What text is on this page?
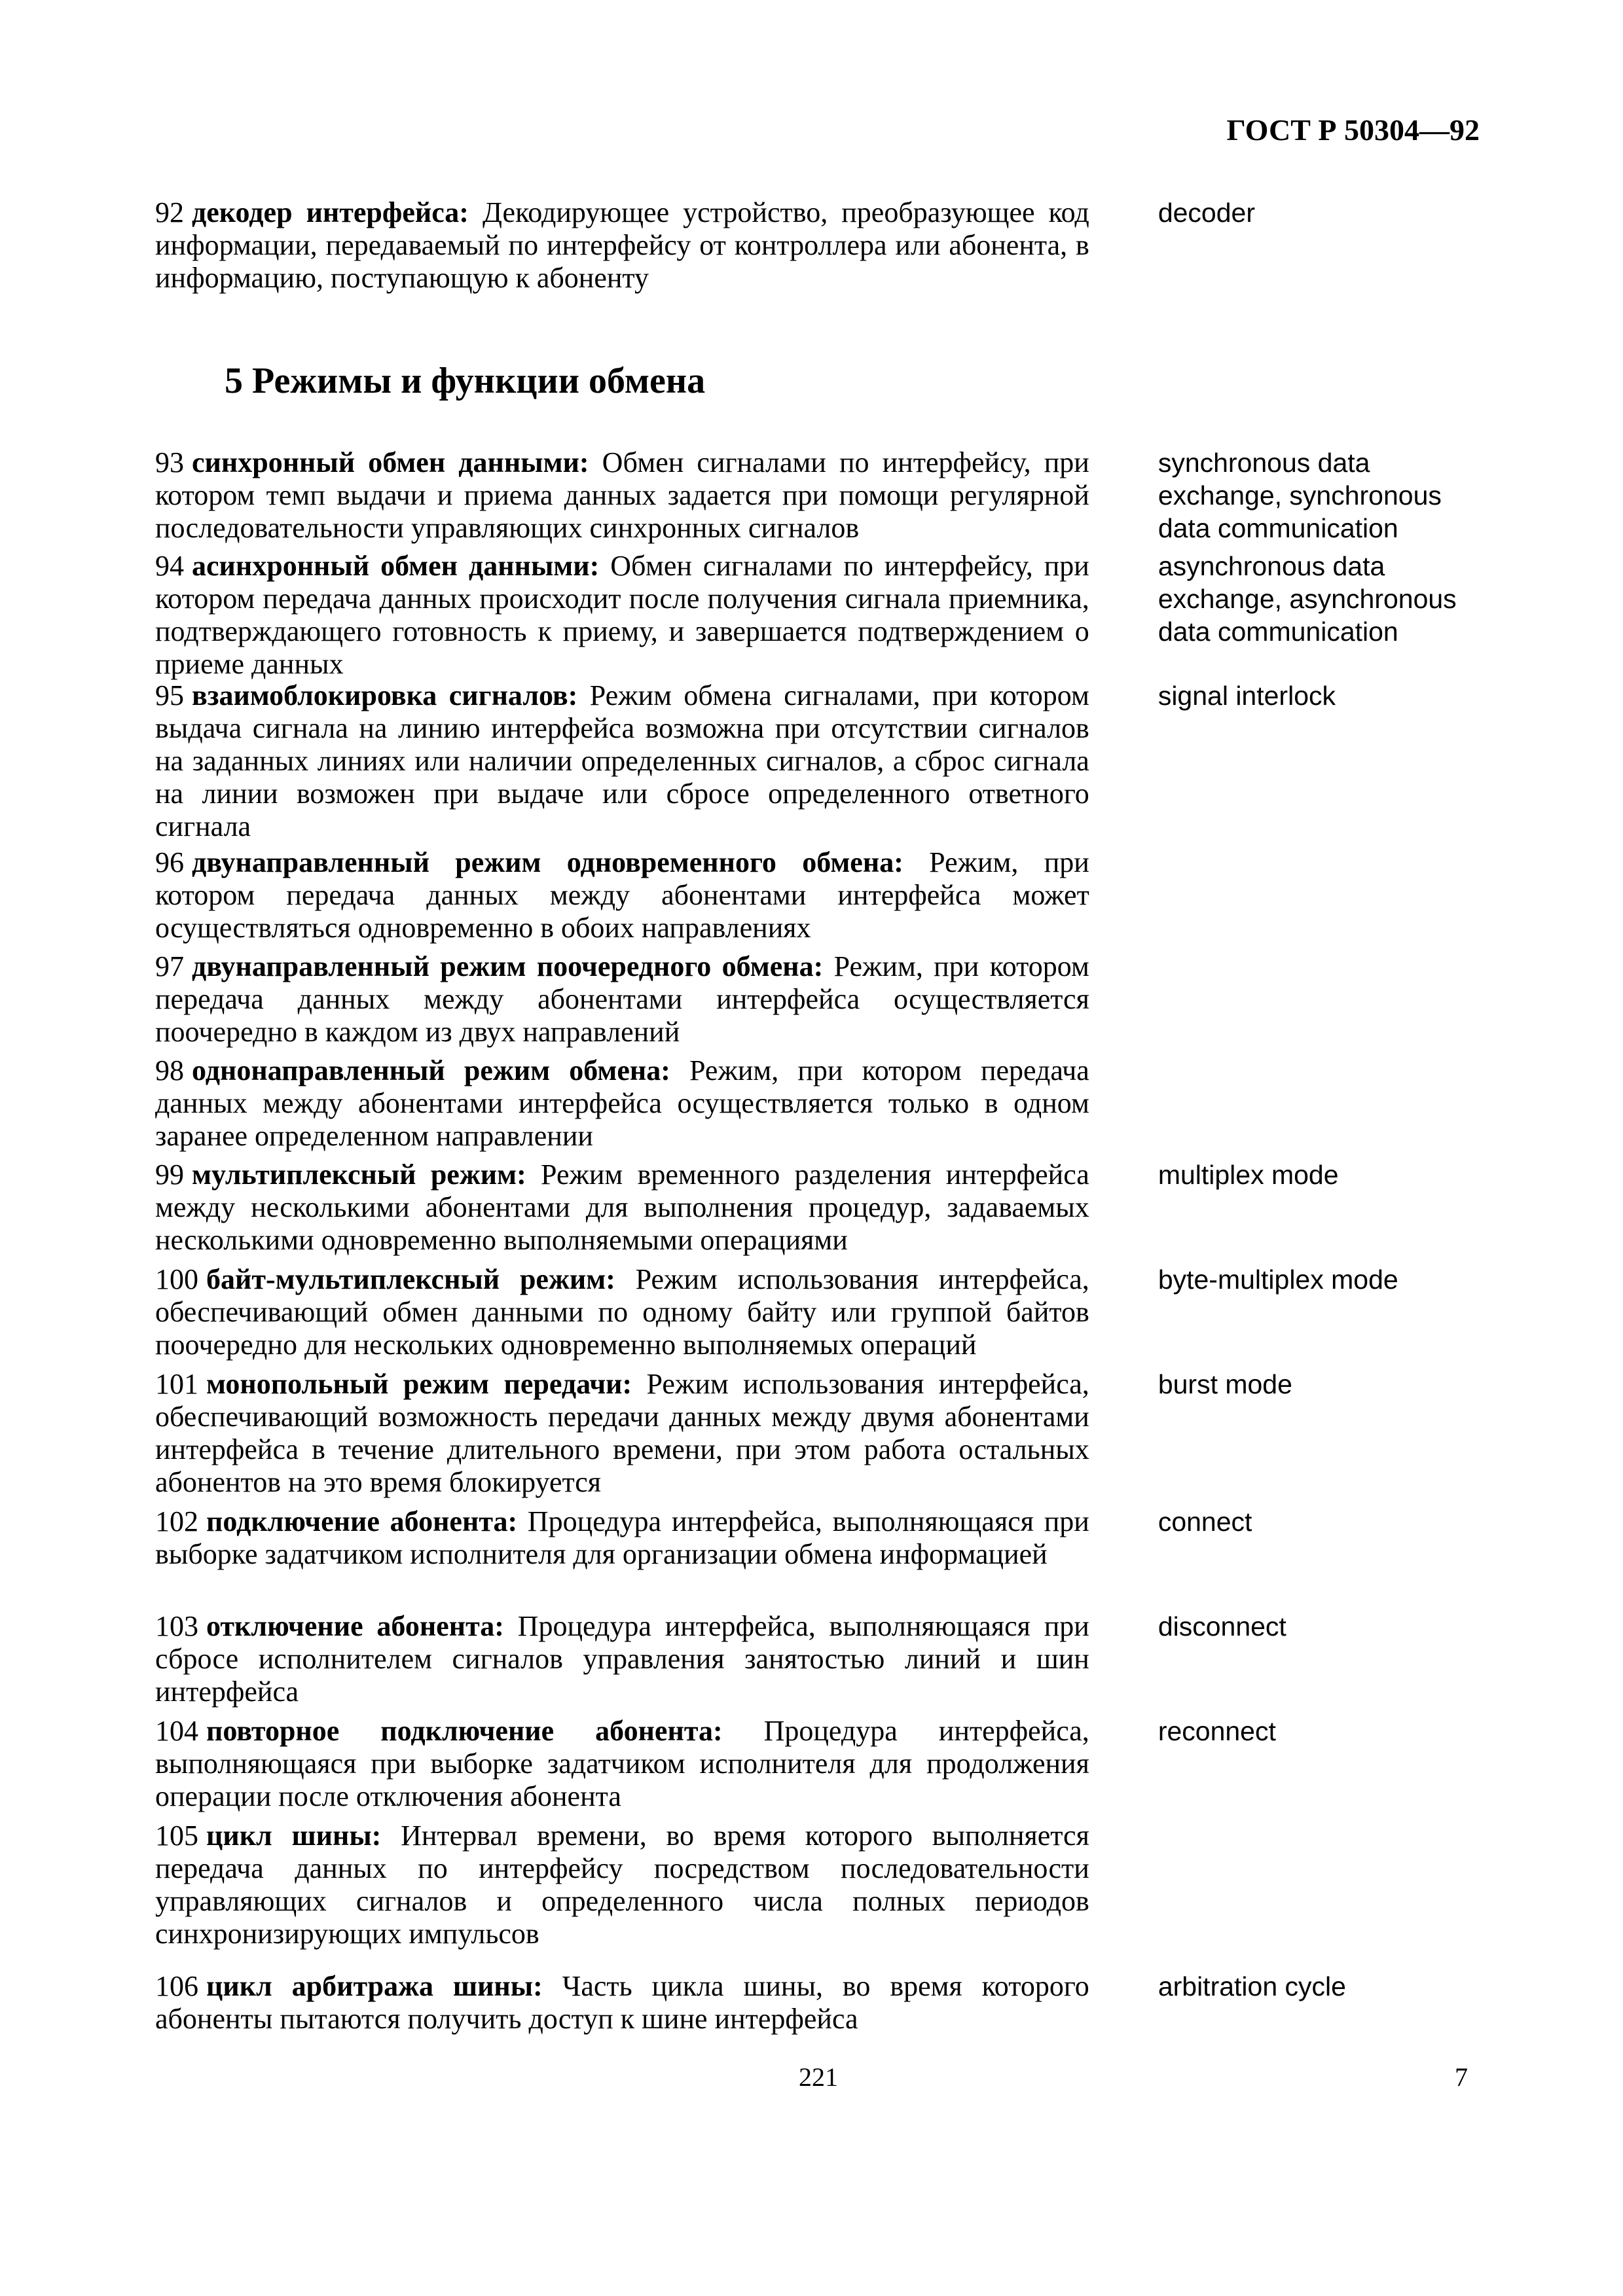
ГОСТ Р 50304—92
5 Режимы и функции обмена
92 декодер интерфейса: Декодирующее устройство, преобразующее код информации, передаваемый по интерфейсу от контроллера или абонента, в информацию, поступающую к абоненту
decoder
93 синхронный обмен данными: Обмен сигналами по интерфейсу, при котором темп выдачи и приема данных задается при помощи регулярной последовательности управляющих синхронных сигналов
synchronous data exchange, synchronous data communication
94 асинхронный обмен данными: Обмен сигналами по интерфейсу, при котором передача данных происходит после получения сигнала приемника, подтверждающего готовность к приему, и завершается подтверждением о приеме данных
asynchronous data exchange, asynchronous data communication
95 взаимоблокировка сигналов: Режим обмена сигналами, при котором выдача сигнала на линию интерфейса возможна при отсутствии сигналов на заданных линиях или наличии определенных сигналов, а сброс сигнала на линии возможен при выдаче или сбросе определенного ответного сигнала
signal interlock
96 двунаправленный режим одновременного обмена: Режим, при котором передача данных между абонентами интерфейса может осуществляться одновременно в обоих направлениях
97 двунаправленный режим поочередного обмена: Режим, при котором передача данных между абонентами интерфейса осуществляется поочередно в каждом из двух направлений
98 однонаправленный режим обмена: Режим, при котором передача данных между абонентами интерфейса осуществляется только в одном заранее определенном направлении
99 мультиплексный режим: Режим временного разделения интерфейса между несколькими абонентами для выполнения процедур, задаваемых несколькими одновременно выполняемыми операциями
multiplex mode
100 байт-мультиплексный режим: Режим использования интерфейса, обеспечивающий обмен данными по одному байту или группой байтов поочередно для нескольких одновременно выполняемых операций
byte-multiplex mode
101 монопольный режим передачи: Режим использования интерфейса, обеспечивающий возможность передачи данных между двумя абонентами интерфейса в течение длительного времени, при этом работа остальных абонентов на это время блокируется
burst mode
102 подключение абонента: Процедура интерфейса, выполняющаяся при выборке задатчиком исполнителя для организации обмена информацией
connect
103 отключение абонента: Процедура интерфейса, выполняющаяся при сбросе исполнителем сигналов управления занятостью линий и шин интерфейса
disconnect
104 повторное подключение абонента: Процедура интерфейса, выполняющаяся при выборке задатчиком исполнителя для продолжения операции после отключения абонента
reconnect
105 цикл шины: Интервал времени, во время которого выполняется передача данных по интерфейсу посредством последовательности управляющих сигналов и определенного числа полных периодов синхронизирующих импульсов
106 цикл арбитража шины: Часть цикла шины, во время которого абоненты пытаются получить доступ к шине интерфейса
arbitration cycle
221	7
